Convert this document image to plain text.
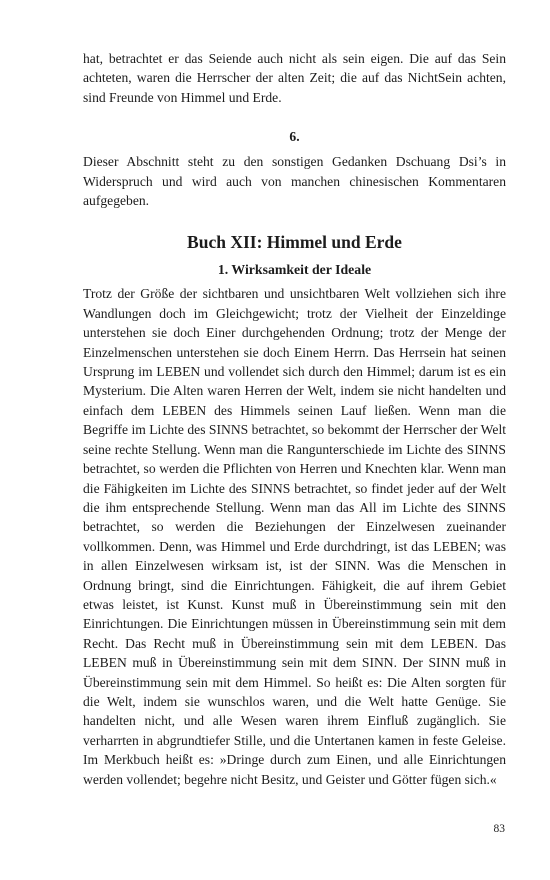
hat, betrachtet er das Seiende auch nicht als sein eigen. Die auf das Sein achteten, waren die Herrscher der alten Zeit; die auf das NichtSein achten, sind Freunde von Himmel und Erde.

6.

Dieser Abschnitt steht zu den sonstigen Gedanken Dschuang Dsi’s in Widerspruch und wird auch von manchen chinesischen Kommentaren aufgegeben.

Buch XII: Himmel und Erde
1. Wirksamkeit der Ideale

Trotz der Größe der sichtbaren und unsichtbaren Welt vollziehen sich ihre Wandlungen doch im Gleichgewicht; trotz der Vielheit der Einzeldinge unterstehen sie doch Einer durchgehenden Ordnung; trotz der Menge der Einzelmenschen unterstehen sie doch Einem Herrn. Das Herrsein hat seinen Ursprung im LEBEN und vollendet sich durch den Himmel; darum ist es ein Mysterium. Die Alten waren Herren der Welt, indem sie nicht handelten und einfach dem LEBEN des Himmels seinen Lauf ließen. Wenn man die Begriffe im Lichte des SINNS betrachtet, so bekommt der Herrscher der Welt seine rechte Stellung. Wenn man die Rangunterschiede im Lichte des SINNS betrachtet, so werden die Pflichten von Herren und Knechten klar. Wenn man die Fähigkeiten im Lichte des SINNS betrachtet, so findet jeder auf der Welt die ihm entsprechende Stellung. Wenn man das All im Lichte des SINNS betrachtet, so werden die Beziehungen der Einzelwesen zueinander vollkommen. Denn, was Himmel und Erde durchdringt, ist das LEBEN; was in allen Einzelwesen wirksam ist, ist der SINN. Was die Menschen in Ordnung bringt, sind die Einrichtungen. Fähigkeit, die auf ihrem Gebiet etwas leistet, ist Kunst. Kunst muß in Übereinstimmung sein mit den Einrichtungen. Die Einrichtungen müssen in Übereinstimmung sein mit dem Recht. Das Recht muß in Übereinstimmung sein mit dem LEBEN. Das LEBEN muß in Übereinstimmung sein mit dem SINN. Der SINN muß in Übereinstimmung sein mit dem Himmel. So heißt es: Die Alten sorgten für die Welt, indem sie wunschlos waren, und die Welt hatte Genüge. Sie handelten nicht, und alle Wesen waren ihrem Einfluß zugänglich. Sie verharrten in abgrundtiefer Stille, und die Untertanen kamen in feste Geleise. Im Merkbuch heißt es: »Dringe durch zum Einen, und alle Einrichtungen werden vollendet; begehre nicht Besitz, und Geister und Götter fügen sich.«

83
